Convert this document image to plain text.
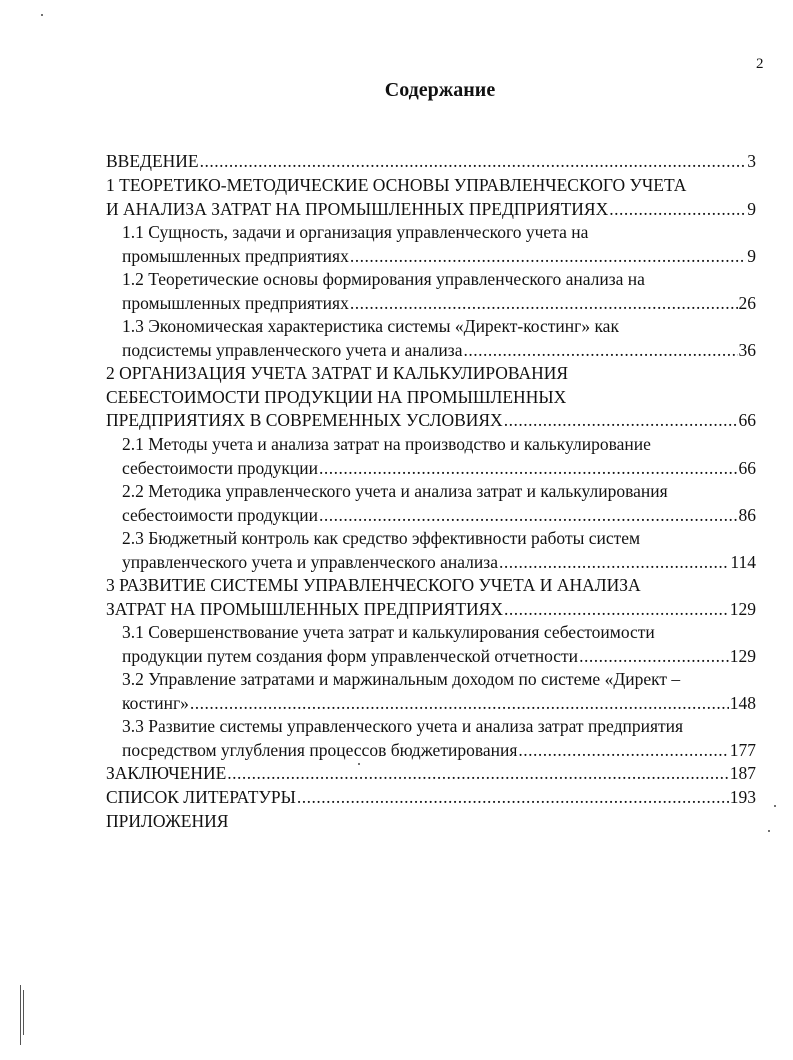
2
Содержание
ВВЕДЕНИЕ .....	3
1 ТЕОРЕТИКО-МЕТОДИЧЕСКИЕ ОСНОВЫ УПРАВЛЕНЧЕСКОГО УЧЕТА
И АНАЛИЗА ЗАТРАТ НА ПРОМЫШЛЕННЫХ ПРЕДПРИЯТИЯХ .....	9
1.1 Сущность, задачи и организация управленческого учета на
промышленных предприятиях .....	9
1.2 Теоретические основы формирования управленческого анализа на
промышленных предприятиях .....	26
1.3 Экономическая характеристика системы «Директ-костинг» как
подсистемы управленческого учета и анализа .....	36
2 ОРГАНИЗАЦИЯ УЧЕТА ЗАТРАТ И КАЛЬКУЛИРОВАНИЯ
СЕБЕСТОИМОСТИ ПРОДУКЦИИ НА ПРОМЫШЛЕННЫХ
ПРЕДПРИЯТИЯХ В СОВРЕМЕННЫХ УСЛОВИЯХ .....	66
2.1 Методы учета и анализа затрат на производство и калькулирование
себестоимости продукции .....	66
2.2 Методика управленческого учета и анализа затрат и калькулирования
себестоимости продукции .....	86
2.3 Бюджетный контроль как средство эффективности работы систем
управленческого учета и управленческого анализа .....	114
3 РАЗВИТИЕ СИСТЕМЫ УПРАВЛЕНЧЕСКОГО УЧЕТА И АНАЛИЗА
ЗАТРАТ НА ПРОМЫШЛЕННЫХ ПРЕДПРИЯТИЯХ .....	129
3.1 Совершенствование учета затрат и калькулирования себестоимости
продукции путем создания форм управленческой отчетности .....	129
3.2 Управление затратами и маржинальным доходом по системе «Директ –
костинг» .....	148
3.3 Развитие системы управленческого учета и анализа затрат предприятия
посредством углубления процессов бюджетирования .....	177
ЗАКЛЮЧЕНИЕ .....	187
СПИСОК ЛИТЕРАТУРЫ .....	193
ПРИЛОЖЕНИЯ
